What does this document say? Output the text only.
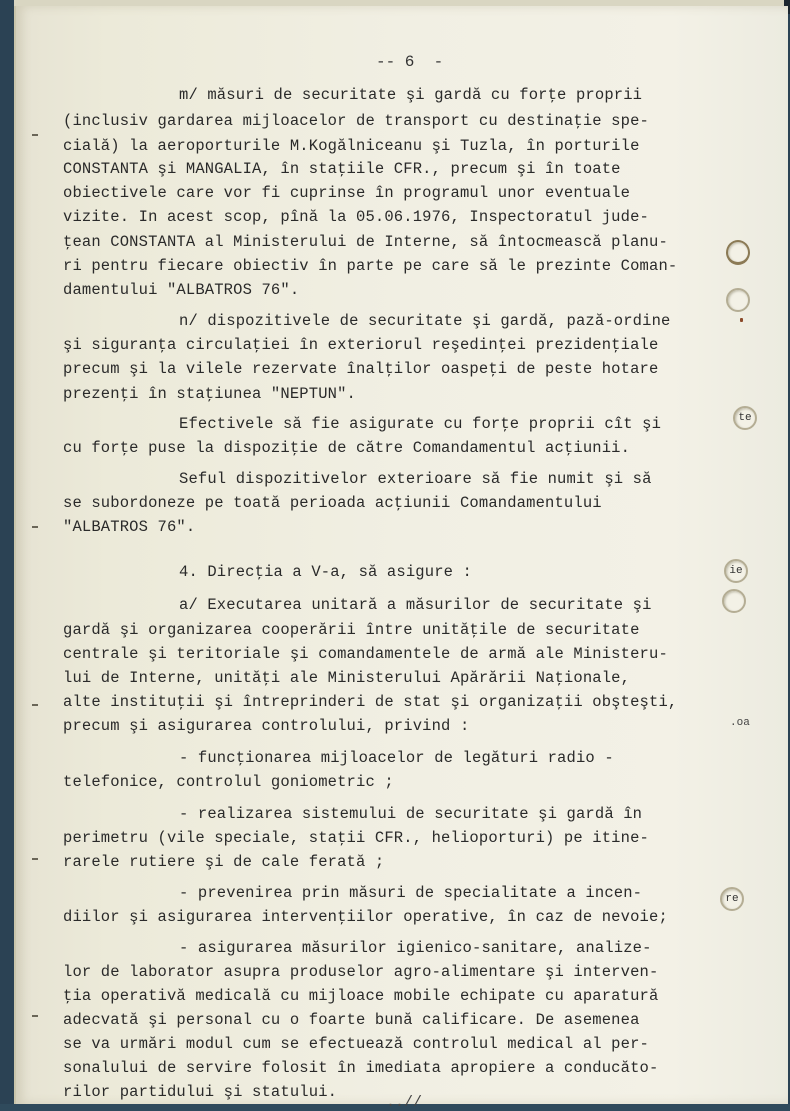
-- 6  -
m/ măsuri de securitate şi gardă cu forţe proprii
(inclusiv gardarea mijloacelor de transport cu destinaţie spe-
cială) la aeroporturile M.Kogălniceanu şi Tuzla, în porturile
CONSTANTA şi MANGALIA, în staţiile CFR., precum şi în toate
obiectivele care vor fi cuprinse în programul unor eventuale
vizite. In acest scop, pînă la 05.06.1976, Inspectoratul jude-
ţean CONSTANTA al Ministerului de Interne, să întocmească planu-
ri pentru fiecare obiectiv în parte pe care să le prezinte Coman-
damentului "ALBATROS 76".
n/ dispozitivele de securitate şi gardă, pază-ordine
şi siguranţa circulaţiei în exteriorul reşedinţei prezidenţiale
precum şi la vilele rezervate înalţilor oaspeţi de peste hotare
prezenţi în staţiunea "NEPTUN".
Efectivele să fie asigurate cu forţe proprii cît şi
cu forţe puse la dispoziţie de către Comandamentul acţiunii.
Seful dispozitivelor exterioare să fie numit şi să
se subordoneze pe toată perioada acţiunii Comandamentului
"ALBATROS 76".
4. Direcţia a V-a, să asigure :
a/ Executarea unitară a măsurilor de securitate şi
gardă şi organizarea cooperării între unităţile de securitate
centrale şi teritoriale şi comandamentele de armă ale Ministeru-
lui de Interne, unităţi ale Ministerului Apărării Naţionale,
alte instituţii şi întreprinderi de stat şi organizaţii obşteşti,
precum şi asigurarea controlului, privind :
- funcţionarea mijloacelor de legături radio -
telefonice, controlul goniometric ;
- realizarea sistemului de securitate şi gardă în
perimetru (vile speciale, staţii CFR., helioporturi) pe itine-
rarele rutiere şi de cale ferată ;
- prevenirea prin măsuri de specialitate a incen-
diilor şi asigurarea intervenţiilor operative, în caz de nevoie;
- asigurarea măsurilor igienico-sanitare, analize-
lor de laborator asupra produselor agro-alimentare şi interven-
ţia operativă medicală cu mijloace mobile echipate cu aparatură
adecvată şi personal cu o foarte bună calificare. De asemenea
se va urmări modul cum se efectuează controlul medical al per-
sonalului de servire folosit în imediata apropiere a conducăto-
rilor partidului şi statului.
te
ie
.oa
re
..//
